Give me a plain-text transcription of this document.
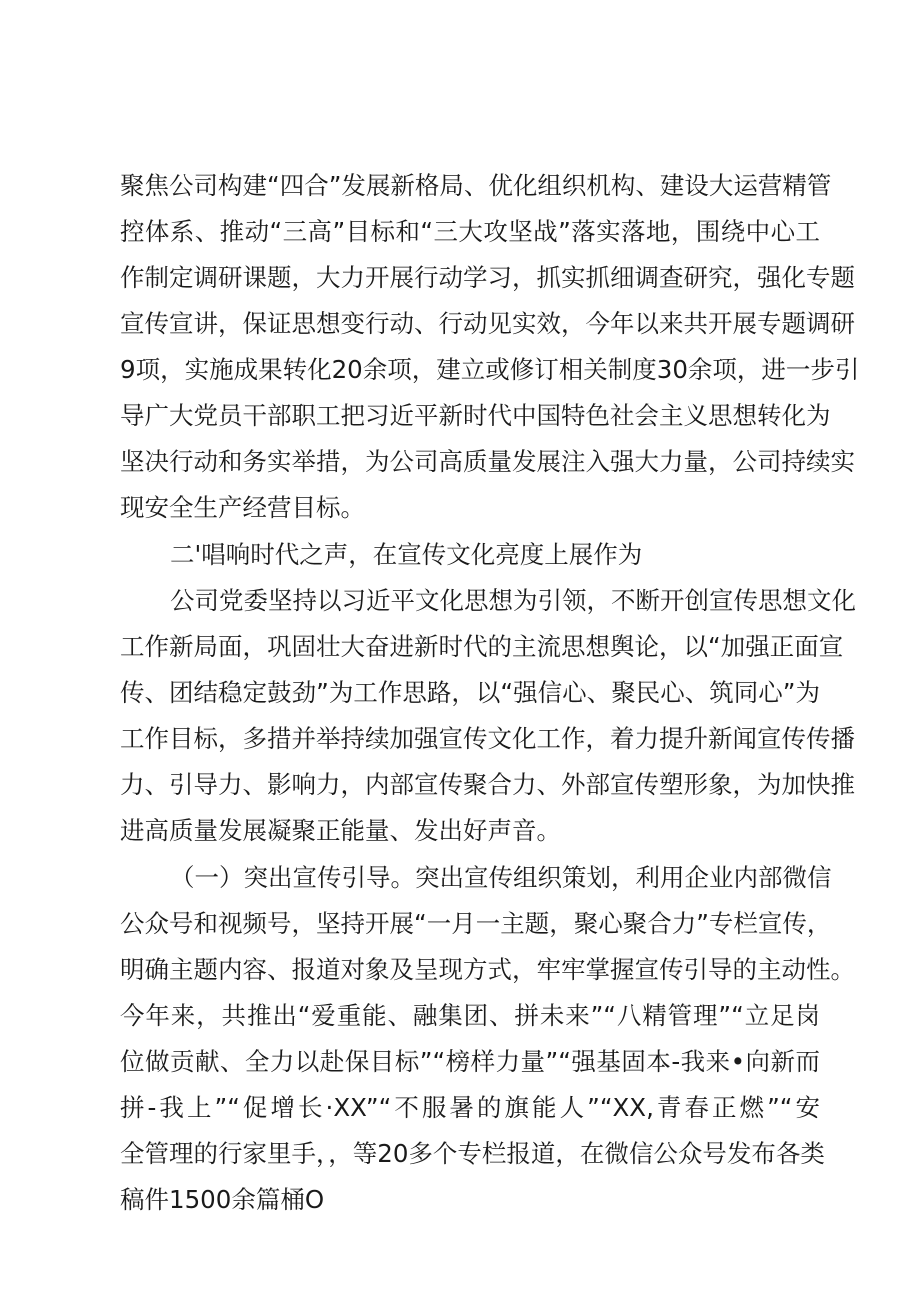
聚焦公司构建“四合”发展新格局、优化组织机构、建设大运营精管
控体系、推动“三高”目标和“三大攻坚战”落实落地，围绕中心工
作制定调研课题，大力开展行动学习，抓实抓细调查研究，强化专题
宣传宣讲，保证思想变行动、行动见实效，今年以来共开展专题调研
9项，实施成果转化20余项，建立或修订相关制度30余项，进一步引
导广大党员干部职工把习近平新时代中国特色社会主义思想转化为
坚决行动和务实举措，为公司高质量发展注入强大力量，公司持续实
现安全生产经营目标。
二'唱响时代之声，在宣传文化亮度上展作为
公司党委坚持以习近平文化思想为引领，不断开创宣传思想文化
工作新局面，巩固壮大奋进新时代的主流思想舆论，以“加强正面宣
传、团结稳定鼓劲”为工作思路，以“强信心、聚民心、筑同心”为
工作目标，多措并举持续加强宣传文化工作，着力提升新闻宣传传播
力、引导力、影响力，内部宣传聚合力、外部宣传塑形象，为加快推
进高质量发展凝聚正能量、发出好声音。
（一）突出宣传引导。突出宣传组织策划，利用企业内部微信
公众号和视频号，坚持开展“一月一主题，聚心聚合力”专栏宣传，
明确主题内容、报道对象及呈现方式，牢牢掌握宣传引导的主动性。
今年来，共推出“爱重能、融集团、拼未来”“八精管理”“立足岗
位做贡献、全力以赴保目标”“榜样力量”“强基固本-我来•向新而
拼-我上”“促增长·XX”“不服暑的旗能人”“XX,青春正燃”“安
全管理的行家里手，，等20多个专栏报道，在微信公众号发布各类
稿件1500余篇桶O
